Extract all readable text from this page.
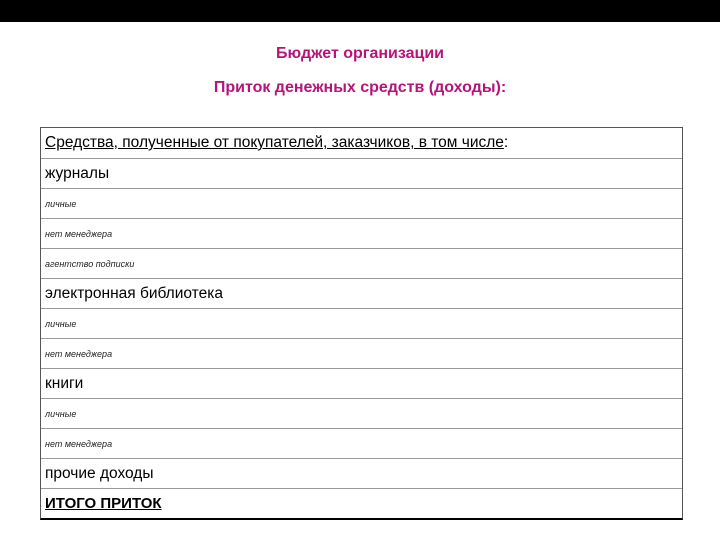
Бюджет организации
Приток денежных средств (доходы):
Средства, полученные от покупателей, заказчиков, в том числе :
журналы
личные
нет менеджера
агентство подписки
электронная библиотека
личные
нет менеджера
книги
личные
нет менеджера
прочие доходы
ИТОГО ПРИТОК
